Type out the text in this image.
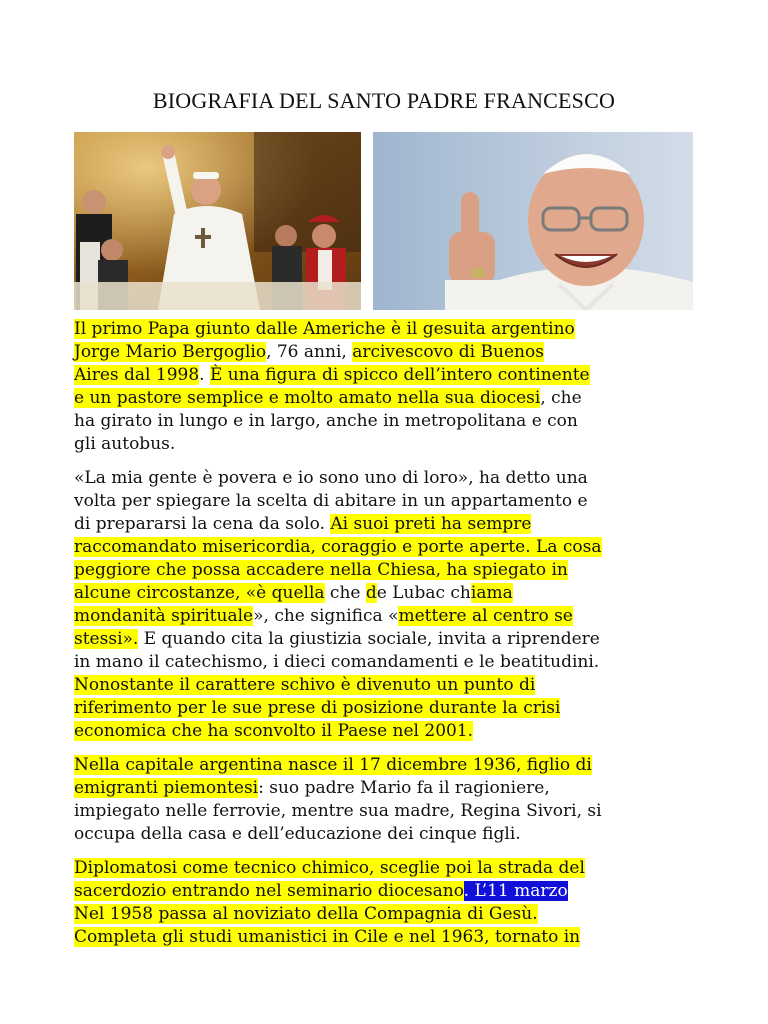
BIOGRAFIA DEL SANTO PADRE FRANCESCO

Il primo Papa giunto dalle Americhe è il gesuita argentino
Jorge Mario Bergoglio, 76 anni, arcivescovo di Buenos
Aires dal 1998. È una figura di spicco dell’intero continente
e un pastore semplice e molto amato nella sua diocesi, che
ha girato in lungo e in largo, anche in metropolitana e con
gli autobus.

«La mia gente è povera e io sono uno di loro», ha detto una
volta per spiegare la scelta di abitare in un appartamento e
di prepararsi la cena da solo. Ai suoi preti ha sempre
raccomandato misericordia, coraggio e porte aperte. La cosa
peggiore che possa accadere nella Chiesa, ha spiegato in
alcune circostanze, «è quella che de Lubac chiama
mondanità spirituale», che significa «mettere al centro se
stessi». E quando cita la giustizia sociale, invita a riprendere
in mano il catechismo, i dieci comandamenti e le beatitudini.
Nonostante il carattere schivo è divenuto un punto di
riferimento per le sue prese di posizione durante la crisi
economica che ha sconvolto il Paese nel 2001.

Nella capitale argentina nasce il 17 dicembre 1936, figlio di
emigranti piemontesi: suo padre Mario fa il ragioniere,
impiegato nelle ferrovie, mentre sua madre, Regina Sivori, si
occupa della casa e dell’educazione dei cinque figli.

Diplomatosi come tecnico chimico, sceglie poi la strada del
sacerdozio entrando nel seminario diocesano. L’11 marzo
Nel 1958 passa al noviziato della Compagnia di Gesù.
Completa gli studi umanistici in Cile e nel 1963, tornato in
